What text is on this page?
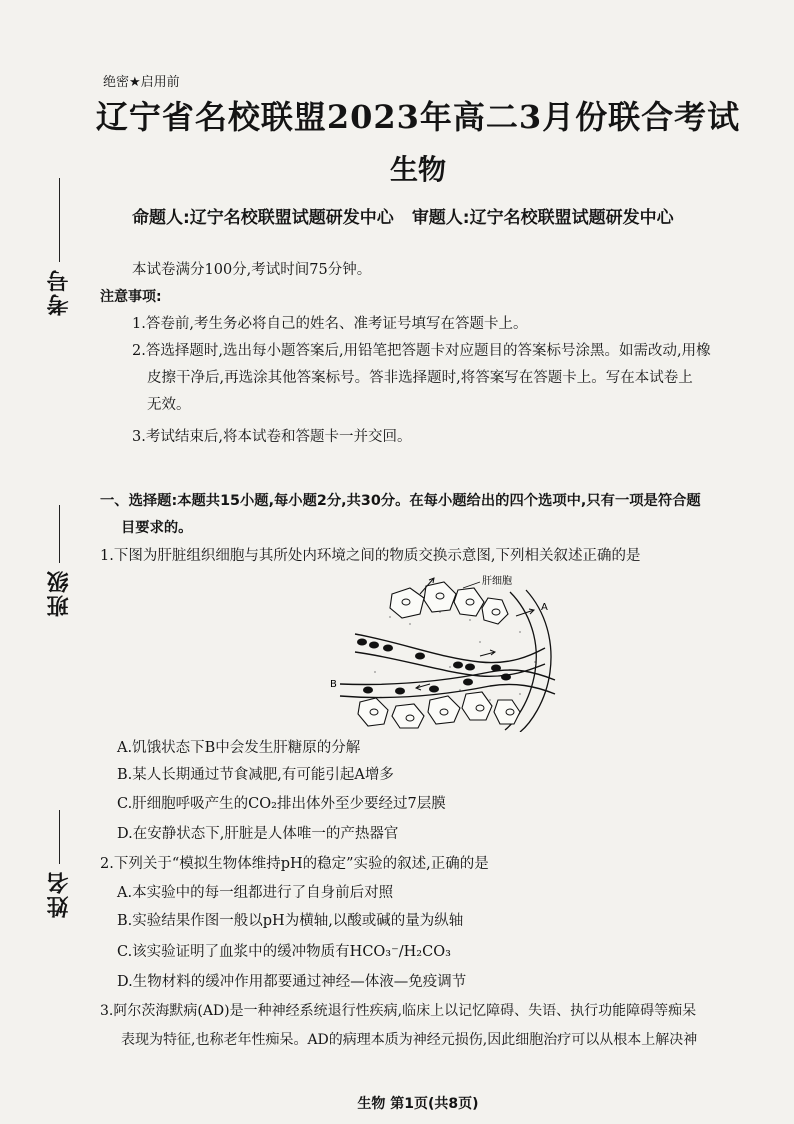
考号
班级
姓名
绝密★启用前
辽宁省名校联盟2023年高二3月份联合考试
生物
命题人:辽宁名校联盟试题研发中心 审题人:辽宁名校联盟试题研发中心
本试卷满分100分,考试时间75分钟。
注意事项:
1.答卷前,考生务必将自己的姓名、准考证号填写在答题卡上。
2.答选择题时,选出每小题答案后,用铅笔把答题卡对应题目的答案标号涂黑。如需改动,用橡
皮擦干净后,再选涂其他答案标号。答非选择题时,将答案写在答题卡上。写在本试卷上
无效。
3.考试结束后,将本试卷和答题卡一并交回。
一、选择题:本题共15小题,每小题2分,共30分。在每小题给出的四个选项中,只有一项是符合题
目要求的。
1.下图为肝脏组织细胞与其所处内环境之间的物质交换示意图,下列相关叙述正确的是
肝细胞
A
B
A.饥饿状态下B中会发生肝糖原的分解
B.某人长期通过节食减肥,有可能引起A增多
C.肝细胞呼吸产生的CO₂排出体外至少要经过7层膜
D.在安静状态下,肝脏是人体唯一的产热器官
2.下列关于“模拟生物体维持pH的稳定”实验的叙述,正确的是
A.本实验中的每一组都进行了自身前后对照
B.实验结果作图一般以pH为横轴,以酸或碱的量为纵轴
C.该实验证明了血浆中的缓冲物质有HCO₃⁻/H₂CO₃
D.生物材料的缓冲作用都要通过神经—体液—免疫调节
3.阿尔茨海默病(AD)是一种神经系统退行性疾病,临床上以记忆障碍、失语、执行功能障碍等痴呆
表现为特征,也称老年性痴呆。AD的病理本质为神经元损伤,因此细胞治疗可以从根本上解决神
生物 第1页(共8页)
